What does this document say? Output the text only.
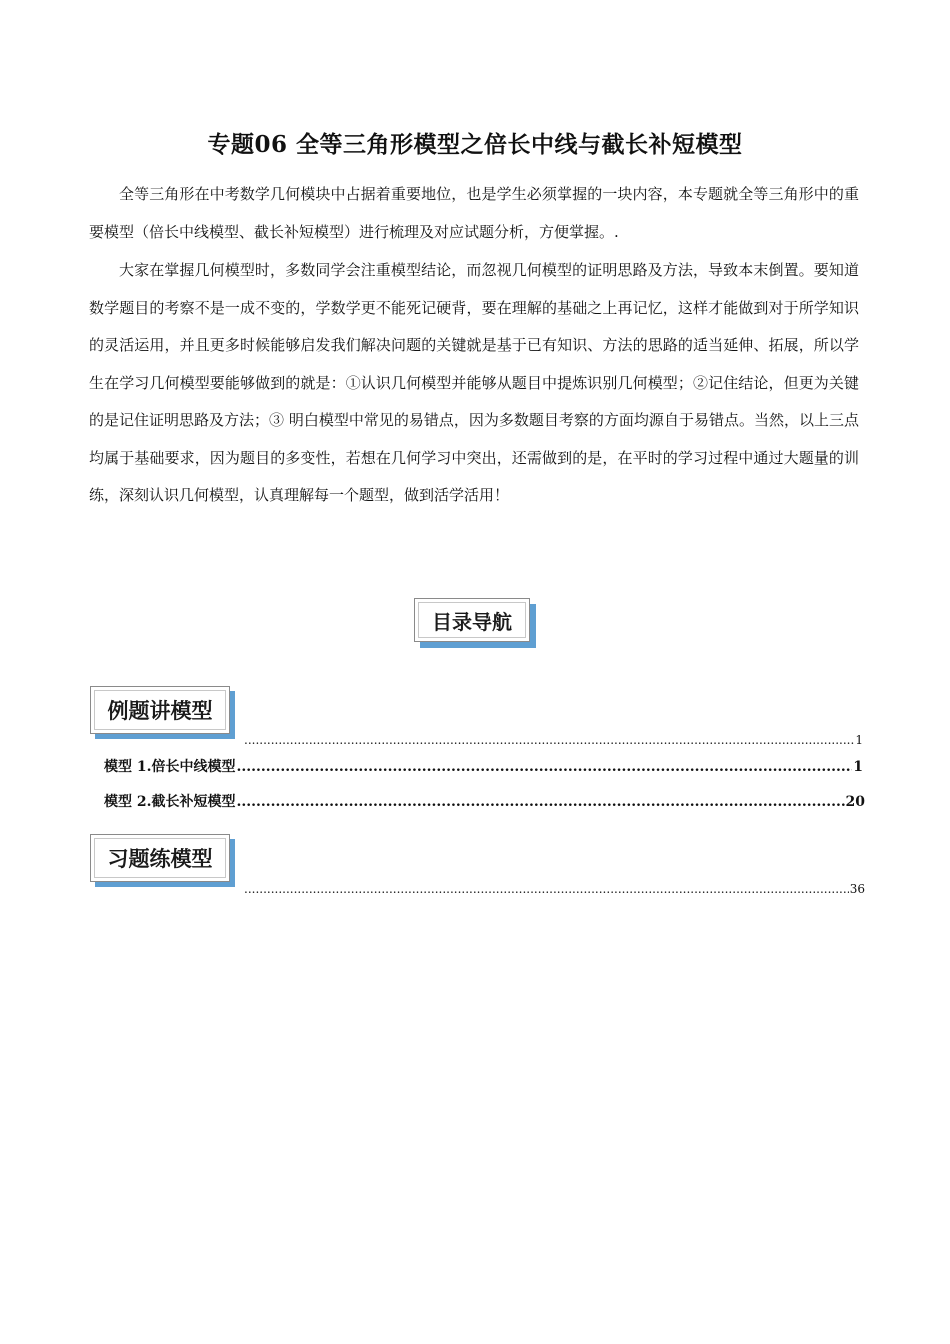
专题06 全等三角形模型之倍长中线与截长补短模型

全等三角形在中考数学几何模块中占据着重要地位，也是学生必须掌握的一块内容，本专题就全等三角形中的重要模型（倍长中线模型、截长补短模型）进行梳理及对应试题分析，方便掌握。.

大家在掌握几何模型时，多数同学会注重模型结论，而忽视几何模型的证明思路及方法，导致本末倒置。要知道数学题目的考察不是一成不变的，学数学更不能死记硬背，要在理解的基础之上再记忆，这样才能做到对于所学知识的灵活运用，并且更多时候能够启发我们解决问题的关键就是基于已有知识、方法的思路的适当延伸、拓展，所以学生在学习几何模型要能够做到的就是：①认识几何模型并能够从题目中提炼识别几何模型；②记住结论，但更为关键的是记住证明思路及方法；③ 明白模型中常见的易错点，因为多数题目考察的方面均源自于易错点。当然，以上三点均属于基础要求，因为题目的多变性，若想在几何学习中突出，还需做到的是，在平时的学习过程中通过大题量的训练，深刻认识几何模型，认真理解每一个题型，做到活学活用！

目录导航
例题讲模型
.....
1
模型 1.倍长中线模型 .....	1
模型 2.截长补短模型 .....	20
习题练模型
.....
36
